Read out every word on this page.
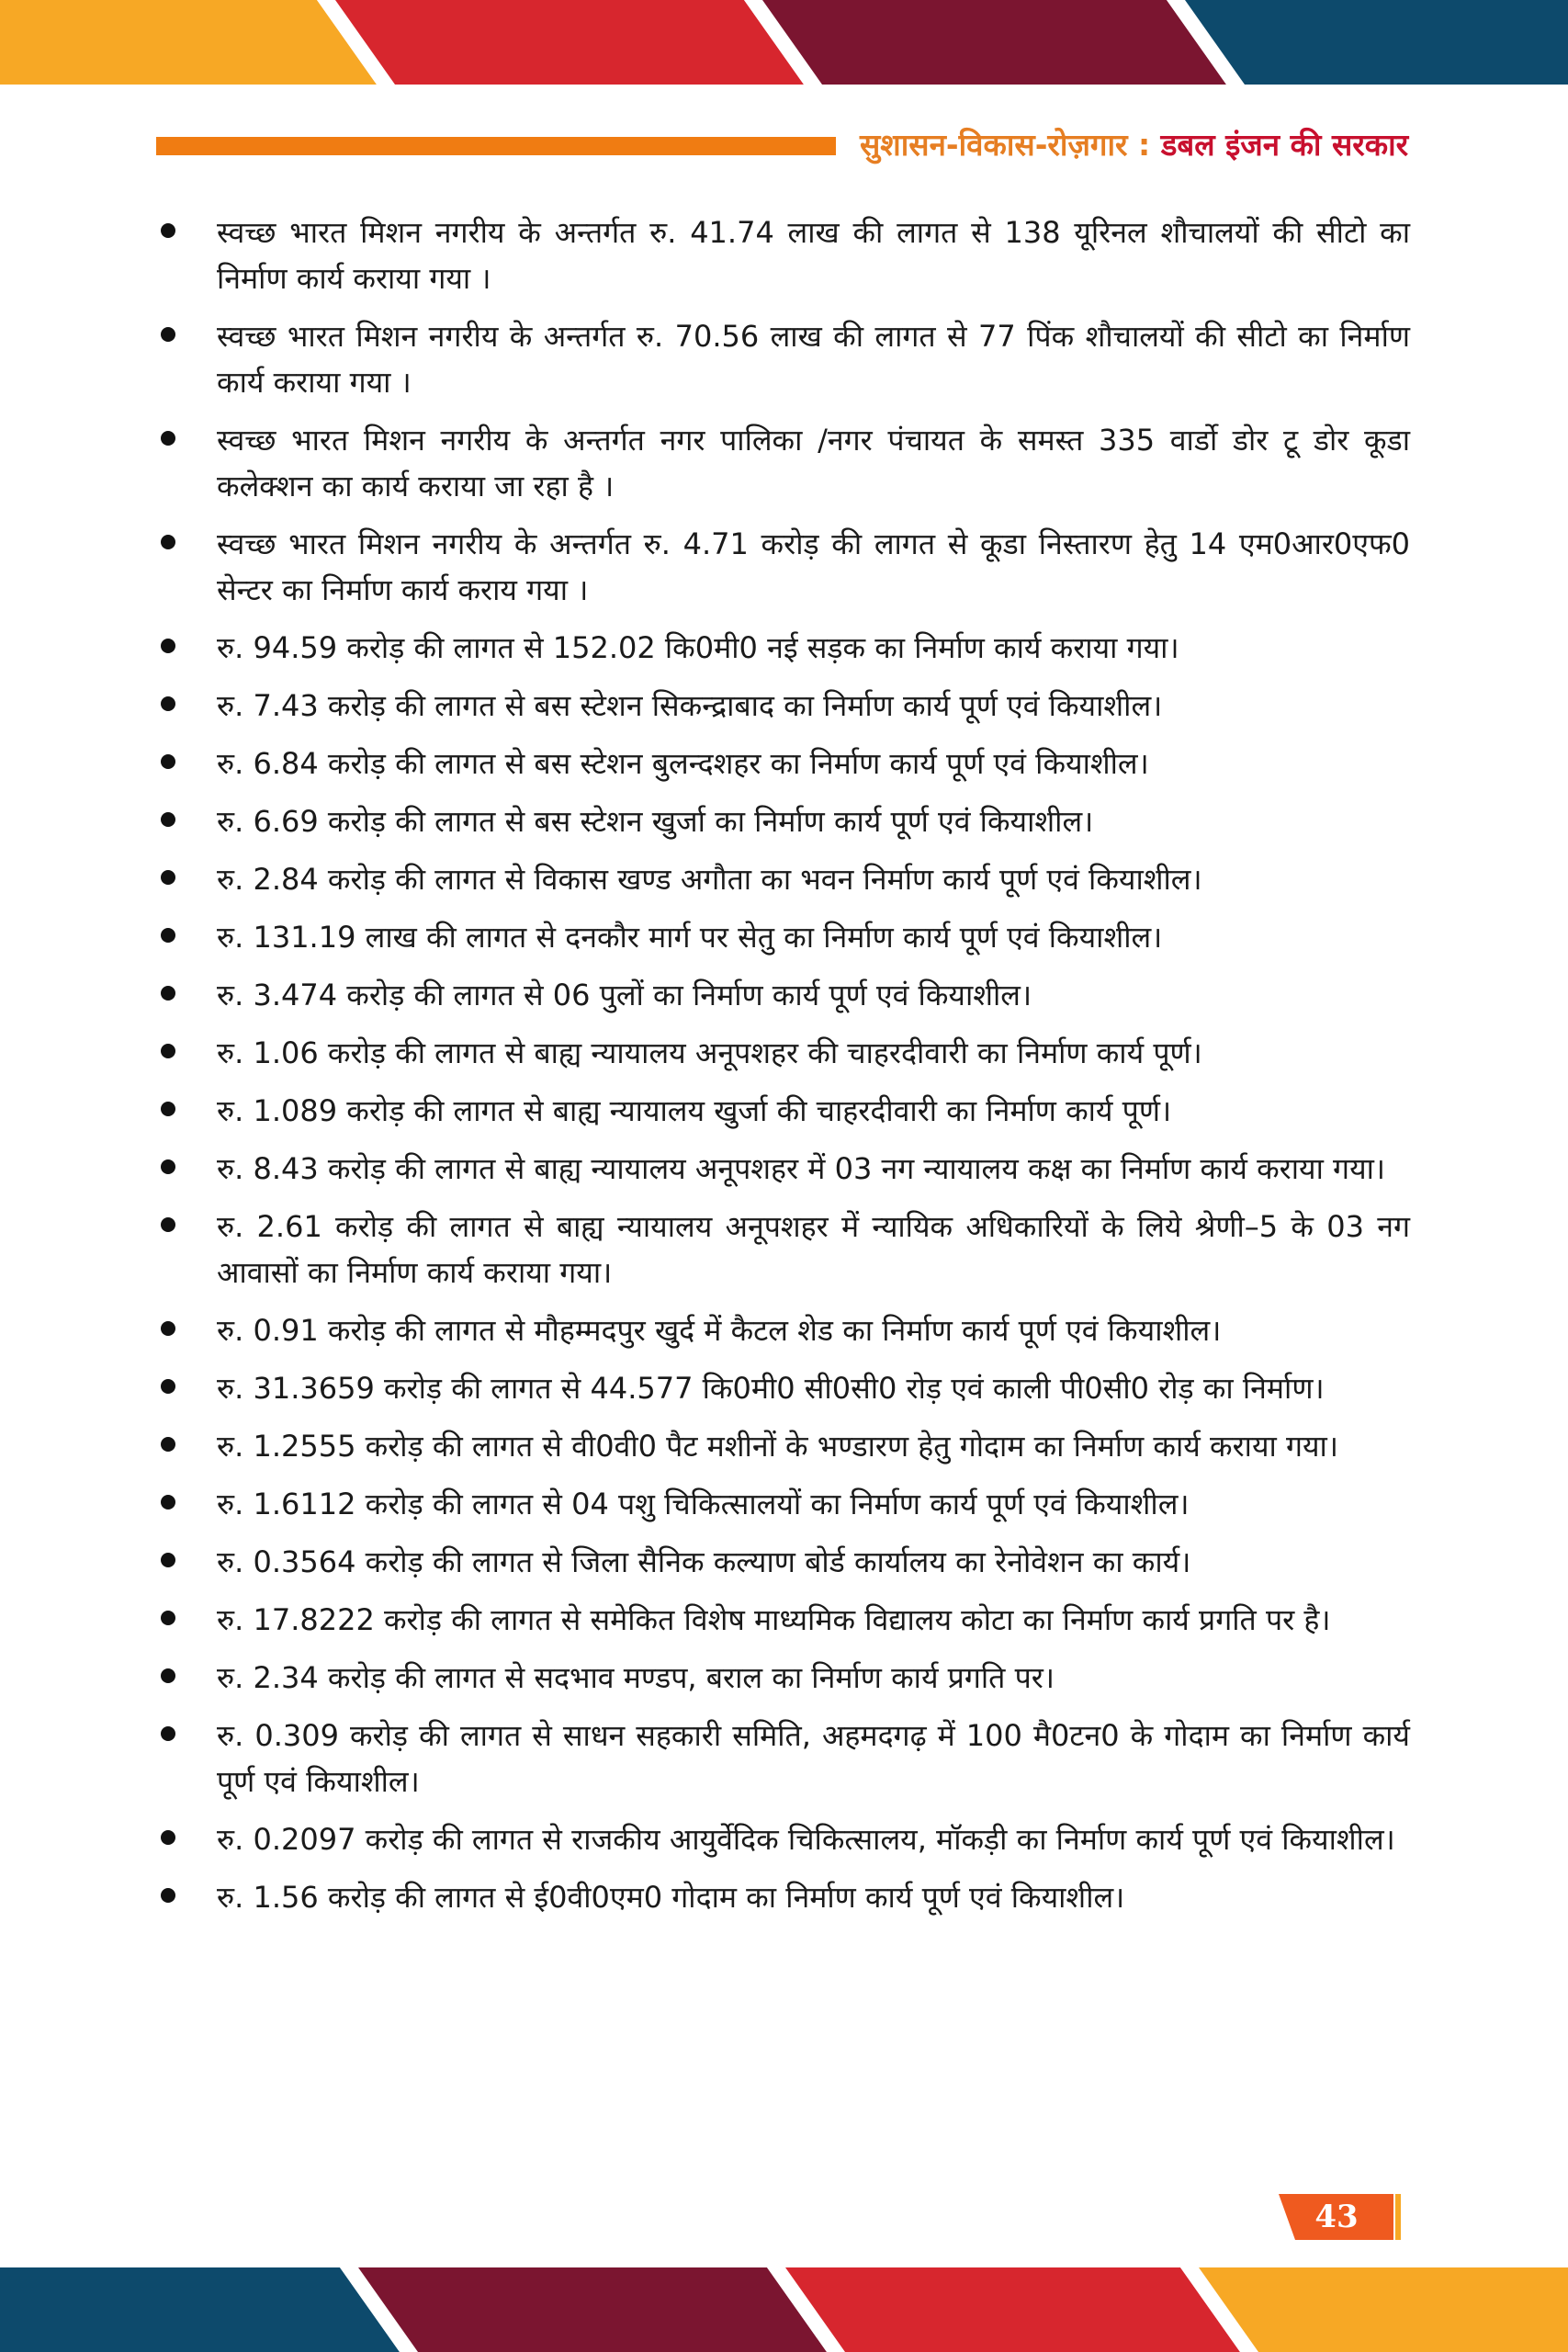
सुशासन-विकास-रोज़गार : डबल इंजन की सरकार
स्वच्छ भारत मिशन नगरीय के अन्तर्गत रु. 41.74 लाख की लागत से 138 यूरिनल शौचालयों की सीटो का निर्माण कार्य कराया गया ।
स्वच्छ भारत मिशन नगरीय के अन्तर्गत रु. 70.56 लाख की लागत से 77 पिंक शौचालयों की सीटो का निर्माण कार्य कराया गया ।
स्वच्छ भारत मिशन नगरीय के अन्तर्गत नगर पालिका /नगर पंचायत के समस्त 335 वार्डो डोर टू डोर कूडा कलेक्शन का कार्य कराया जा रहा है ।
स्वच्छ भारत मिशन नगरीय के अन्तर्गत रु. 4.71 करोड़ की लागत से कूडा निस्तारण हेतु 14 एम0आर0एफ0 सेन्टर का निर्माण कार्य कराय गया ।
रु. 94.59 करोड़ की लागत से 152.02 कि0मी0 नई सड़क का निर्माण कार्य कराया गया।
रु. 7.43 करोड़ की लागत से बस स्टेशन सिकन्द्राबाद का निर्माण कार्य पूर्ण एवं कियाशील।
रु. 6.84 करोड़ की लागत से बस स्टेशन बुलन्दशहर का निर्माण कार्य पूर्ण एवं कियाशील।
रु. 6.69 करोड़ की लागत से बस स्टेशन खुर्जा का निर्माण कार्य पूर्ण एवं कियाशील।
रु. 2.84 करोड़ की लागत से विकास खण्ड अगौता का भवन निर्माण कार्य पूर्ण एवं कियाशील।
रु. 131.19 लाख की लागत से दनकौर मार्ग पर सेतु का निर्माण कार्य पूर्ण एवं कियाशील।
रु. 3.474 करोड़ की लागत से 06 पुलों का निर्माण कार्य पूर्ण एवं कियाशील।
रु. 1.06 करोड़ की लागत से बाह्य न्यायालय अनूपशहर की चाहरदीवारी का निर्माण कार्य पूर्ण।
रु. 1.089 करोड़ की लागत से बाह्य न्यायालय खुर्जा की चाहरदीवारी का निर्माण कार्य पूर्ण।
रु. 8.43 करोड़ की लागत से बाह्य न्यायालय अनूपशहर में 03 नग न्यायालय कक्ष का निर्माण कार्य कराया गया।
रु. 2.61 करोड़ की लागत से बाह्य न्यायालय अनूपशहर में न्यायिक अधिकारियों के लिये श्रेणी–5 के 03 नग आवासों का निर्माण कार्य कराया गया।
रु. 0.91 करोड़ की लागत से मौहम्मदपुर खुर्द में कैटल शेड का निर्माण कार्य पूर्ण एवं कियाशील।
रु. 31.3659 करोड़ की लागत से 44.577 कि0मी0 सी0सी0 रोड़ एवं काली पी0सी0 रोड़ का निर्माण।
रु. 1.2555 करोड़ की लागत से वी0वी0 पैट मशीनों के भण्डारण हेतु गोदाम का निर्माण कार्य कराया गया।
रु. 1.6112 करोड़ की लागत से 04 पशु चिकित्सालयों का निर्माण कार्य पूर्ण एवं कियाशील।
रु. 0.3564 करोड़ की लागत से जिला सैनिक कल्याण बोर्ड कार्यालय का रेनोवेशन का कार्य।
रु. 17.8222 करोड़ की लागत से समेकित विशेष माध्यमिक विद्यालय कोटा का निर्माण कार्य प्रगति पर है।
रु. 2.34 करोड़ की लागत से सदभाव मण्डप, बराल का निर्माण कार्य प्रगति पर।
रु. 0.309 करोड़ की लागत से साधन सहकारी समिति, अहमदगढ़ में 100 मै0टन0 के गोदाम का निर्माण कार्य पूर्ण एवं कियाशील।
रु. 0.2097 करोड़ की लागत से राजकीय आयुर्वेदिक चिकित्सालय, मॉकड़ी का निर्माण कार्य पूर्ण एवं कियाशील।
रु. 1.56 करोड़ की लागत से ई0वी0एम0 गोदाम का निर्माण कार्य पूर्ण एवं कियाशील।
43
